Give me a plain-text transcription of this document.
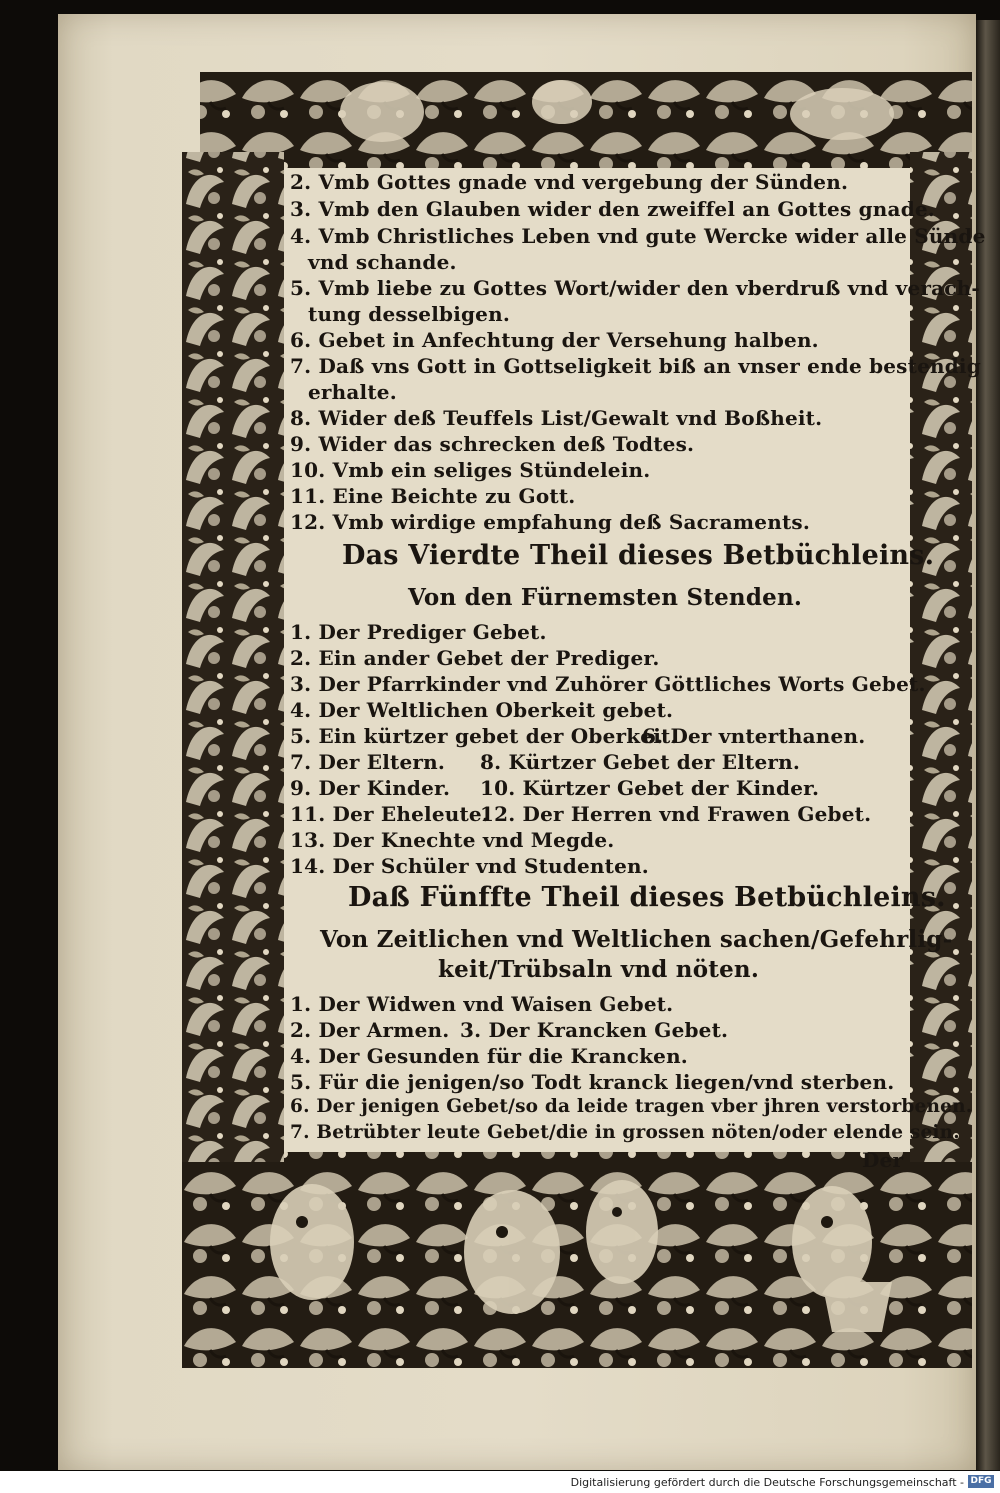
2. Vmb Gottes gnade vnd vergebung der Sünden.
3. Vmb den Glauben wider den zweiffel an Gottes gnade.
4. Vmb Christliches Leben vnd gute Wercke wider alle Sünde
vnd schande.
5. Vmb liebe zu Gottes Wort/wider den vberdruß vnd verach-
tung desselbigen.
6. Gebet in Anfechtung der Versehung halben.
7. Daß vns Gott in Gottseligkeit biß an vnser ende bestendig
erhalte.
8. Wider deß Teuffels List/Gewalt vnd Boßheit.
9. Wider das schrecken deß Todtes.
10. Vmb ein seliges Stündelein.
11. Eine Beichte zu Gott.
12. Vmb wirdige empfahung deß Sacraments.
Das Vierdte Theil dieses Betbüchleins.
Von den Fürnemsten Stenden.
1. Der Prediger Gebet.
2. Ein ander Gebet der Prediger.
3. Der Pfarrkinder vnd Zuhörer Göttliches Worts Gebet.
4. Der Weltlichen Oberkeit gebet.
5. Ein kürtzer gebet der Oberkeit.
6. Der vnterthanen.
7. Der Eltern. 8. Kürtzer Gebet der Eltern.
9. Der Kinder. 10. Kürtzer Gebet der Kinder.
11. Der Eheleute.
12. Der Herren vnd Frawen Gebet.
13. Der Knechte vnd Megde.
14. Der Schüler vnd Studenten.
Daß Fünffte Theil dieses Betbüchleins.
Von Zeitlichen vnd Weltlichen sachen/Gefehrlig-
keit/Trübsaln vnd nöten.
1. Der Widwen vnd Waisen Gebet.
2. Der Armen. 3. Der Krancken Gebet.
4. Der Gesunden für die Krancken.
5. Für die jenigen/so Todt kranck liegen/vnd sterben.
6. Der jenigen Gebet/so da leide tragen vber jhren verstorbenen.
7. Betrübter leute Gebet/die in grossen nöten/oder elende sein.
Der
Digitalisierung gefördert durch die Deutsche Forschungsgemeinschaft - DFG
